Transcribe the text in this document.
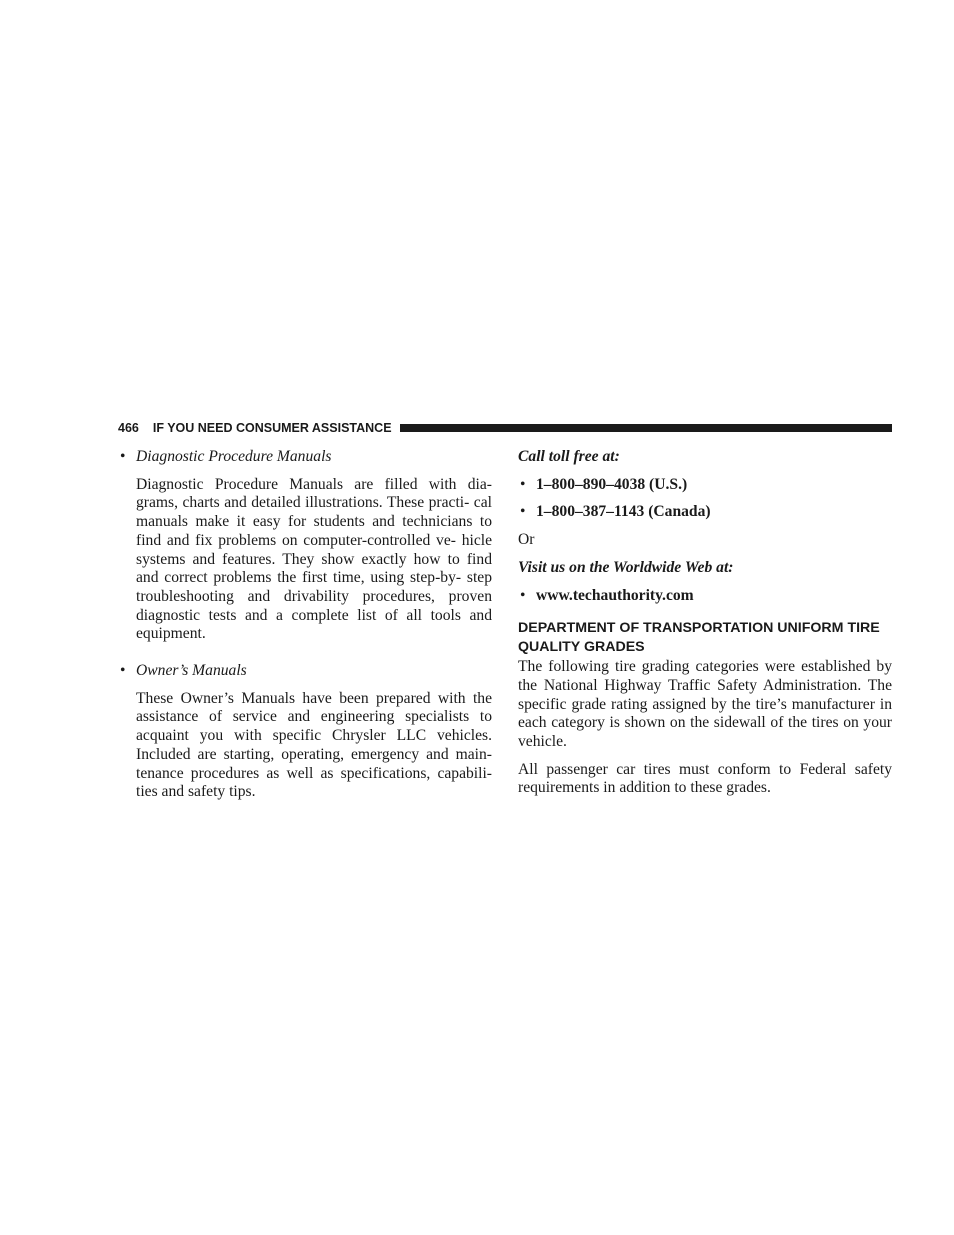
466 IF YOU NEED CONSUMER ASSISTANCE
• Diagnostic Procedure Manuals

Diagnostic Procedure Manuals are filled with dia- grams, charts and detailed illustrations. These practi- cal manuals make it easy for students and technicians to find and fix problems on computer-controlled ve- hicle systems and features. They show exactly how to find and correct problems the first time, using step-by- step troubleshooting and drivability procedures, proven diagnostic tests and a complete list of all tools and equipment.

• Owner’s Manuals

These Owner’s Manuals have been prepared with the assistance of service and engineering specialists to acquaint you with specific Chrysler LLC vehicles. Included are starting, operating, emergency and main- tenance procedures as well as specifications, capabili- ties and safety tips.

Call toll free at:

• 1–800–890–4038 (U.S.)
• 1–800–387–1143 (Canada)

Or

Visit us on the Worldwide Web at:

• www.techauthority.com
DEPARTMENT OF TRANSPORTATION UNIFORM TIRE QUALITY GRADES

The following tire grading categories were established by the National Highway Traffic Safety Administration. The specific grade rating assigned by the tire’s manufacturer in each category is shown on the sidewall of the tires on your vehicle.

All passenger car tires must conform to Federal safety requirements in addition to these grades.
